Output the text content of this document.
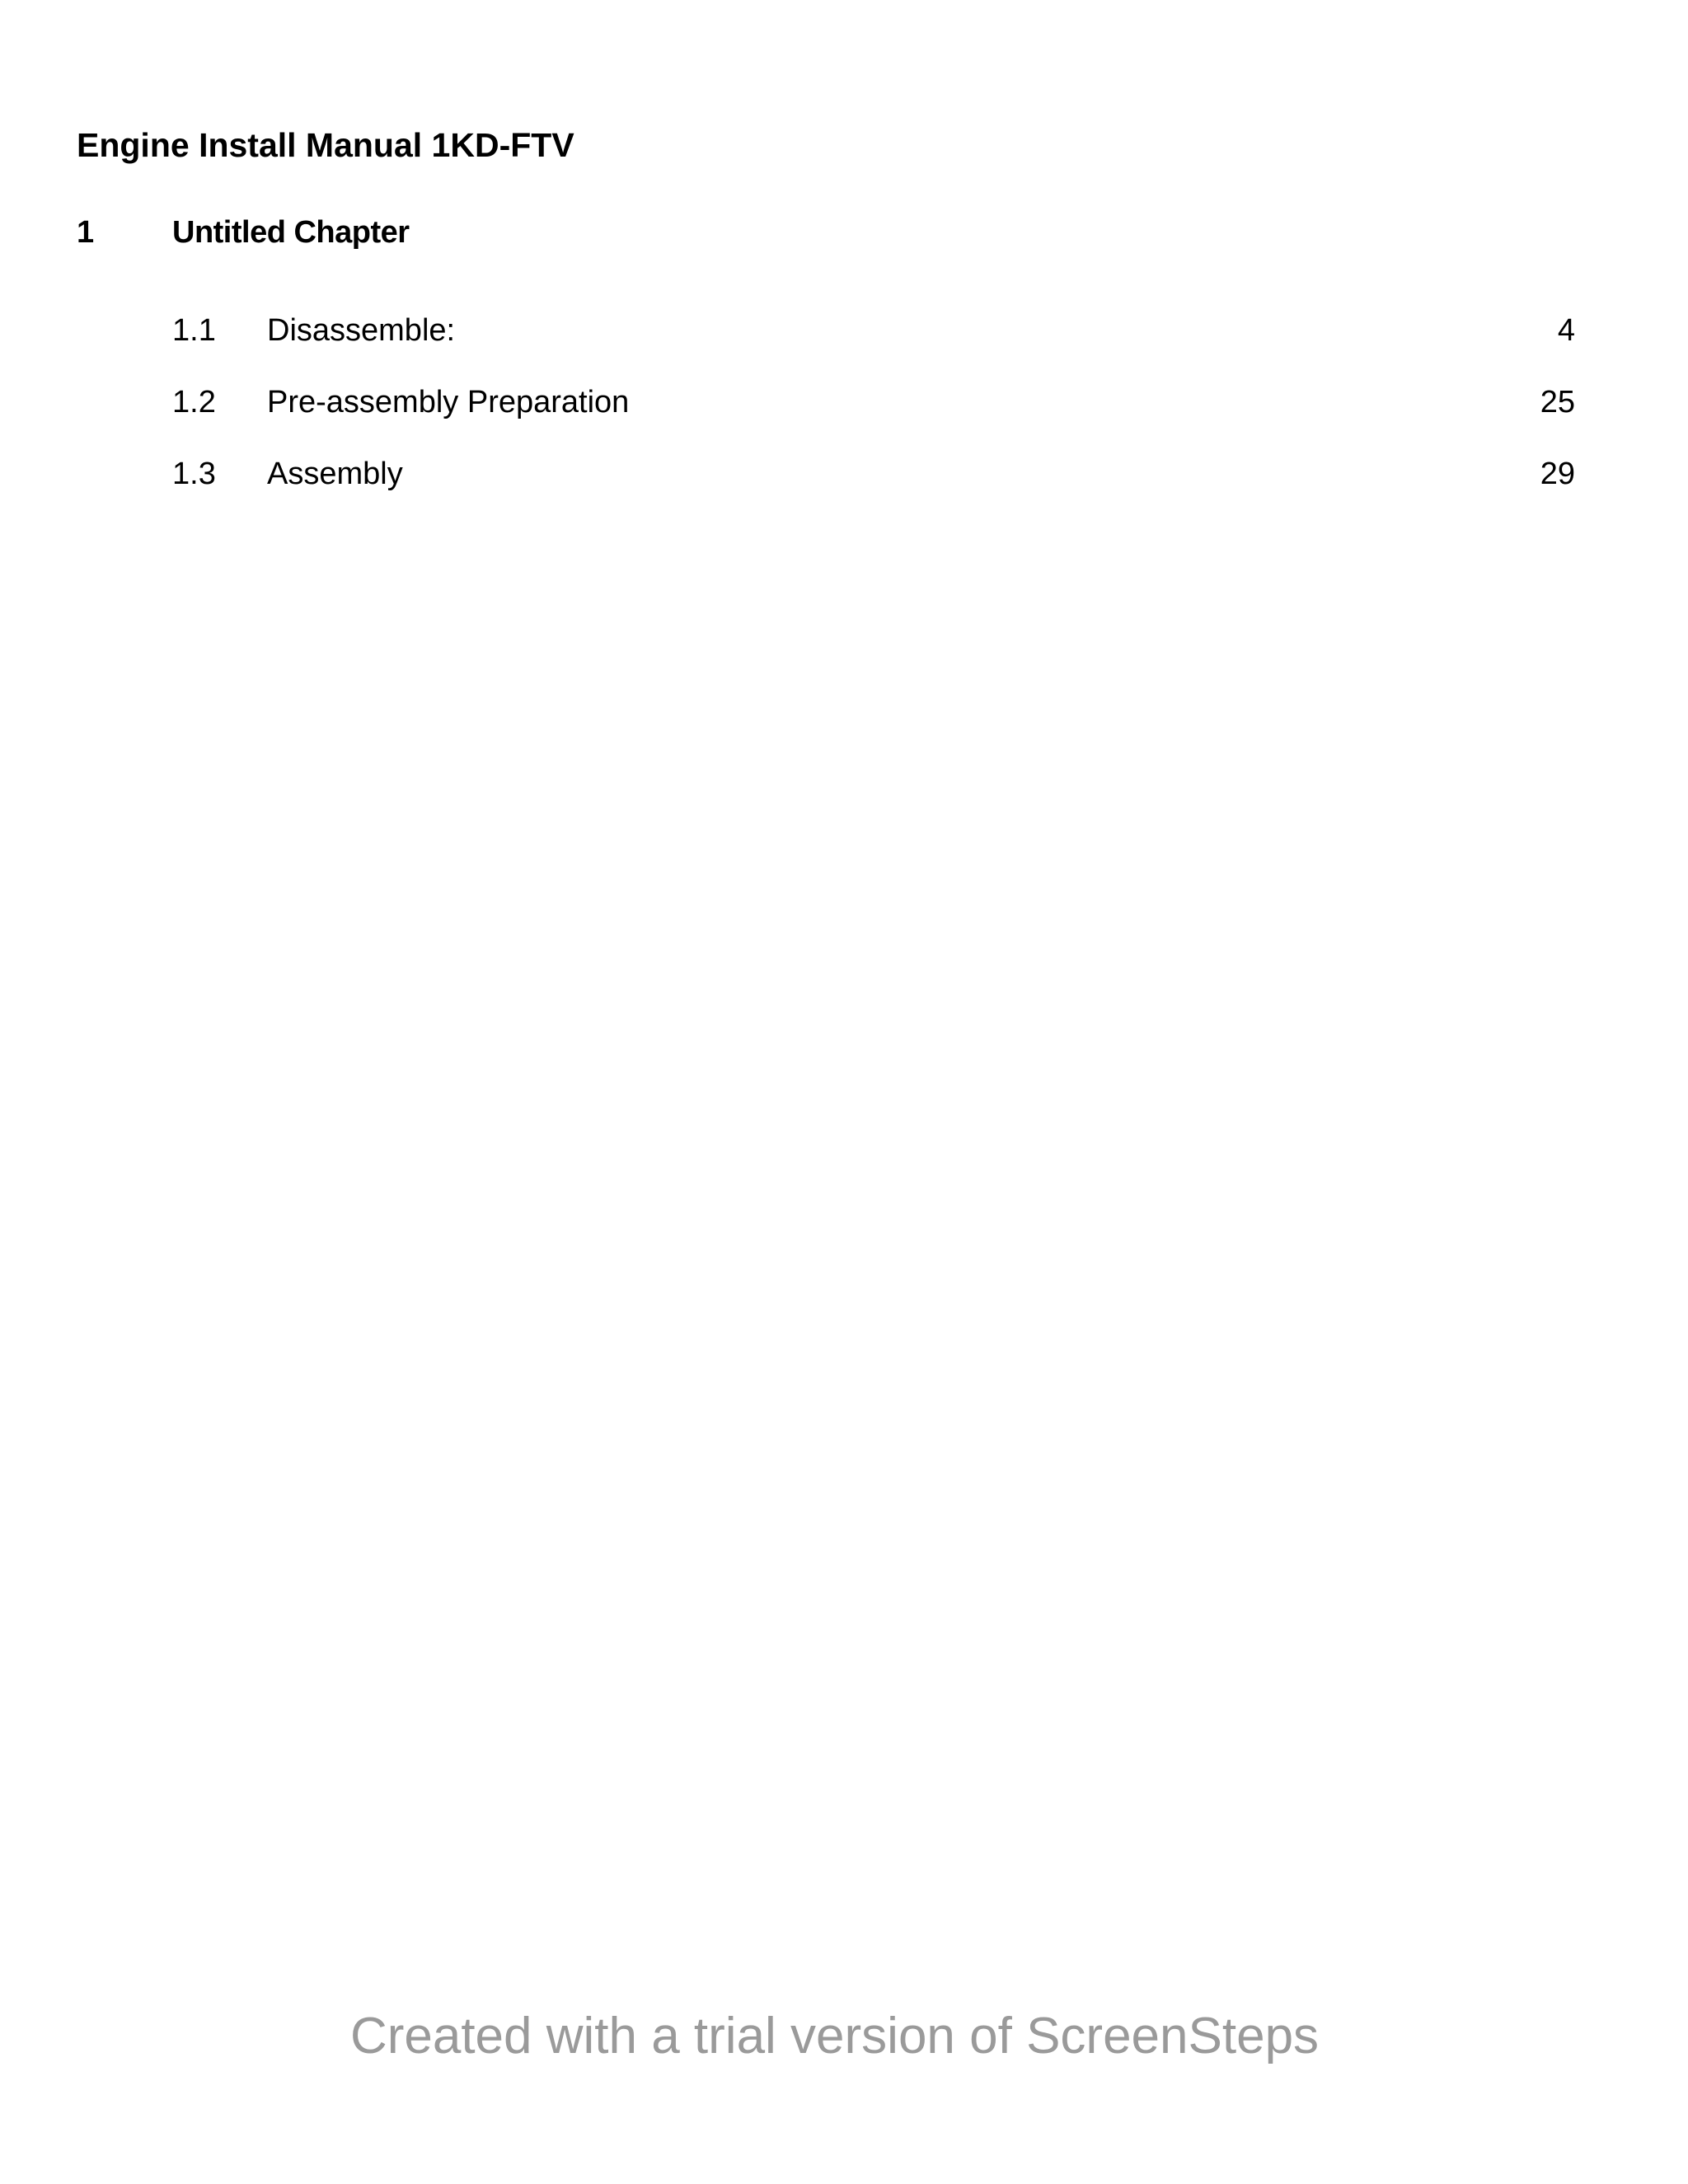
Engine Install Manual 1KD-FTV
1 Untitled Chapter
1.1 Disassemble:	4
1.2 Pre-assembly Preparation	25
1.3 Assembly	29
Created with a trial version of ScreenSteps
